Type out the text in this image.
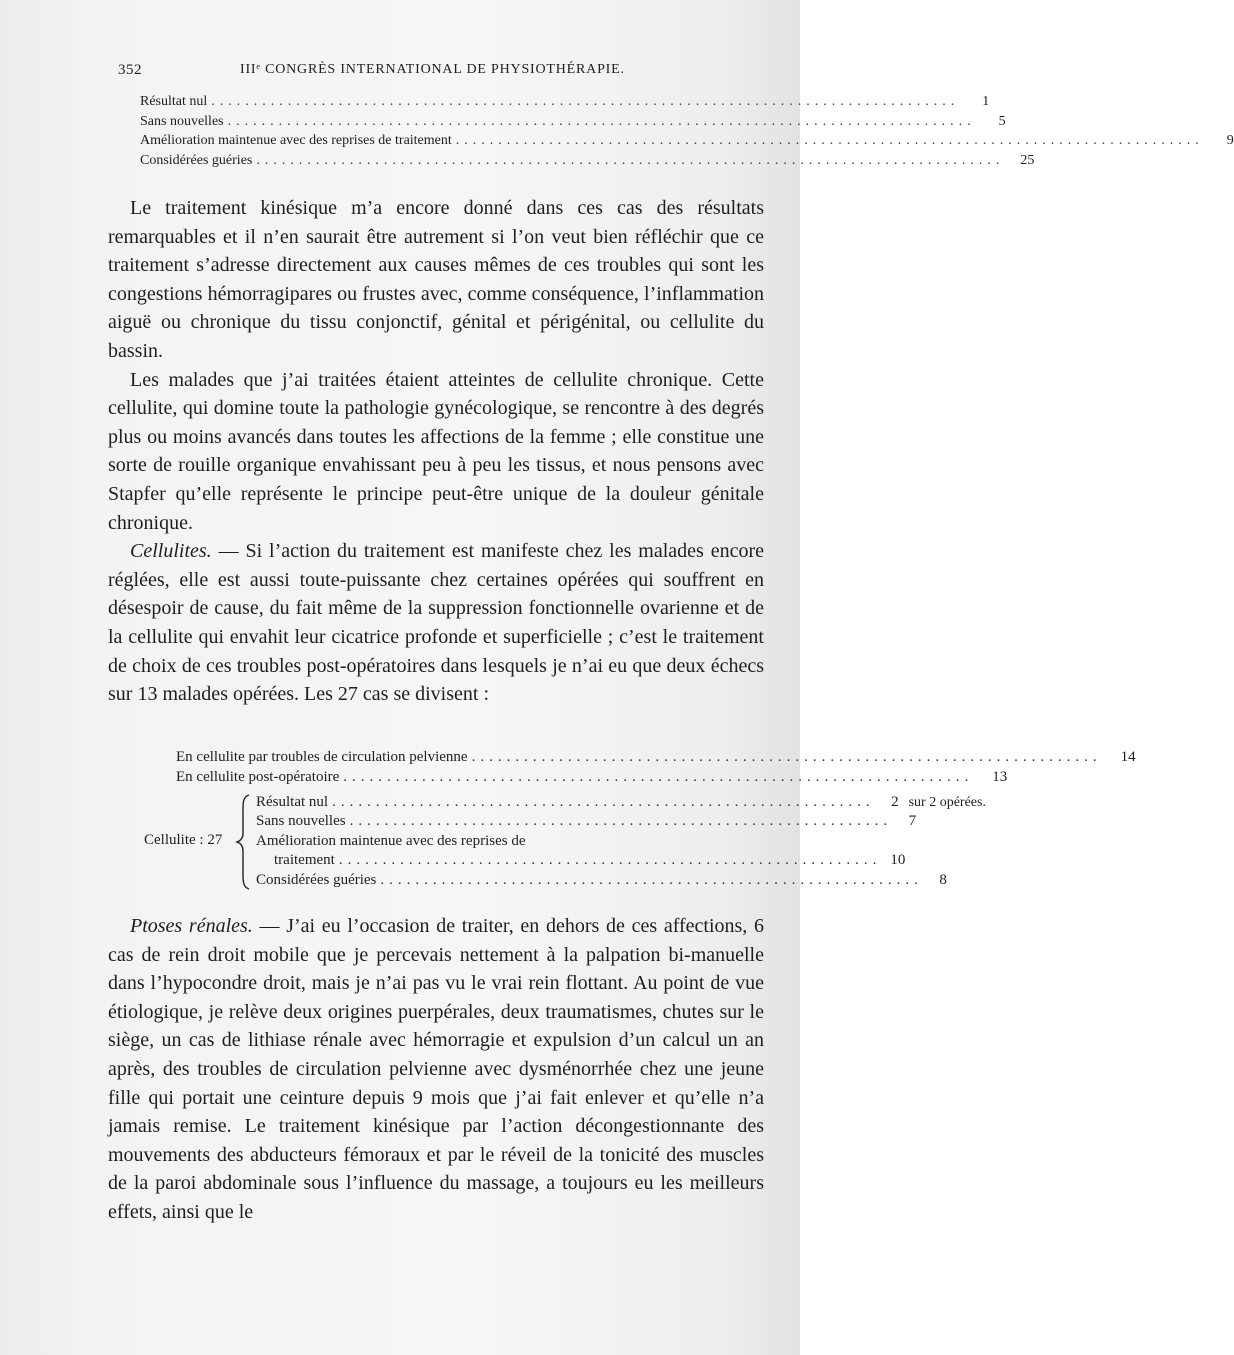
352	IIIᵉ CONGRÈS INTERNATIONAL DE PHYSIOTHÉRAPIE.
Résultat nul ........................................................................................	1
Sans nouvelles ........................................................................................	5
Amélioration maintenue avec des reprises de traitement ........................................................................................	9
Considérées guéries ........................................................................................	25

Le traitement kinésique m’a encore donné dans ces cas des résultats remarquables et il n’en saurait être autrement si l’on veut bien réfléchir que ce traitement s’adresse directement aux causes mêmes de ces troubles qui sont les congestions hémorragipares ou frustes avec, comme conséquence, l’inflammation aiguë ou chronique du tissu conjonctif, génital et périgénital, ou cellulite du bassin.

Les malades que j’ai traitées étaient atteintes de cellulite chronique. Cette cellulite, qui domine toute la pathologie gynécologique, se rencontre à des degrés plus ou moins avancés dans toutes les affections de la femme ; elle constitue une sorte de rouille organique envahissant peu à peu les tissus, et nous pensons avec Stapfer qu’elle représente le principe peut-être unique de la douleur génitale chronique.

Cellulites. — Si l’action du traitement est manifeste chez les malades encore réglées, elle est aussi toute-puissante chez certaines opérées qui souffrent en désespoir de cause, du fait même de la suppression fonctionnelle ovarienne et de la cellulite qui envahit leur cicatrice profonde et superficielle ; c’est le traitement de choix de ces troubles post-opératoires dans lesquels je n’ai eu que deux échecs sur 13 malades opérées. Les 27 cas se divisent :

En cellulite par troubles de circulation pelvienne ........................................................................	14
En cellulite post-opératoire ........................................................................	13
Cellulite : 27
Résultat nul ..............................................................	2 sur 2 opérées.
Sans nouvelles ..............................................................	7
Amélioration maintenue avec des reprises de
traitement .............................................................. 10
Considérées guéries ..............................................................	8

Ptoses rénales. — J’ai eu l’occasion de traiter, en dehors de ces affections, 6 cas de rein droit mobile que je percevais nettement à la palpation bi-manuelle dans l’hypocondre droit, mais je n’ai pas vu le vrai rein flottant. Au point de vue étiologique, je relève deux origines puerpérales, deux traumatismes, chutes sur le siège, un cas de lithiase rénale avec hémorragie et expulsion d’un calcul un an après, des troubles de circulation pelvienne avec dysménorrhée chez une jeune fille qui portait une ceinture depuis 9 mois que j’ai fait enlever et qu’elle n’a jamais remise. Le traitement kinésique par l’action décongestionnante des mouvements des abducteurs fémoraux et par le réveil de la tonicité des muscles de la paroi abdominale sous l’influence du massage, a toujours eu les meilleurs effets, ainsi que le
